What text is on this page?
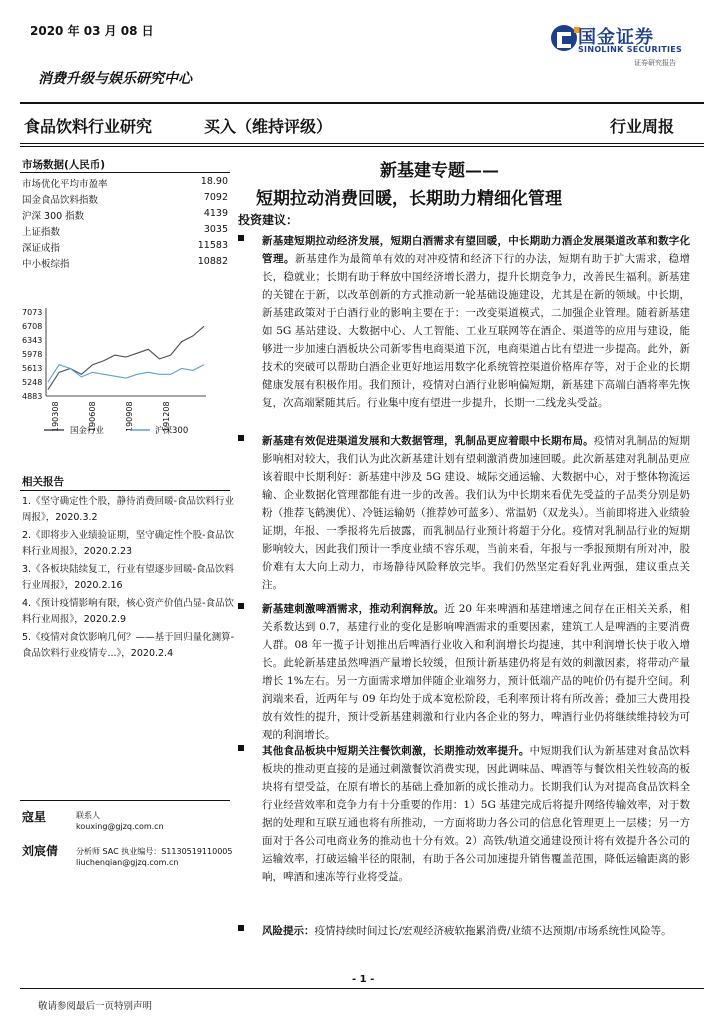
2020 年 03 月 08 日
消费升级与娱乐研究中心
国金证券
SINOLINK SECURITIES
证券研究报告
食品饮料行业研究	买入（维持评级）	行业周报
市场数据(人民币)
市场优化平均市盈率	18.90
国金食品饮料指数	7092
沪深 300 指数	4139
上证指数	3035
深证成指	11583
中小板综指	10882
7073
6708
6343
5978
5613
5248
4883
190308	190608	190908	191208
国金行业	沪深300
相关报告
1.《坚守确定性个股，静待消费回暖-食品饮料行业周报》，2020.3.2
2.《即将步入业绩验证期，坚守确定性个股-食品饮料行业周报》，2020.2.23
3.《各板块陆续复工，行业有望逐步回暖-食品饮料行业周报》，2020.2.16
4.《预计疫情影响有限，核心资产价值凸显-食品饮料行业周报》，2020.2.9
5.《疫情对食饮影响几何？——基于回归量化测算-食品饮料行业疫情专...》，2020.2.4
寇星	联系人
kouxing@gjzq.com.cn
刘宸倩 分析师 SAC 执业编号：S1130519110005
liuchenqian@gjzq.com.cn
新基建专题——
短期拉动消费回暖，长期助力精细化管理
投资建议：
新基建短期拉动经济发展，短期白酒需求有望回暖，中长期助力酒企发展渠道改革和数字化管理。新基建作为最简单有效的对冲疫情和经济下行的办法，短期有助于扩大需求，稳增长，稳就业；长期有助于释放中国经济增长潜力，提升长期竞争力，改善民生福利。新基建的关键在于新，以改革创新的方式推动新一轮基础设施建设，尤其是在新的领域。中长期，新基建政策对于白酒行业的影响主要在于：一改变渠道模式，二加强企业管理。随着新基建如 5G 基站建设、大数据中心、人工智能、工业互联网等在酒企、渠道等的应用与建设，能够进一步加速白酒板块公司新零售电商渠道下沉，电商渠道占比有望进一步提高。此外，新技术的突破可以帮助白酒企业更好地运用数字化系统管控渠道价格库存等，对于企业的长期健康发展有积极作用。我们预计，疫情对白酒行业影响偏短期，新基建下高端白酒将率先恢复，次高端紧随其后。行业集中度有望进一步提升，长期一二线龙头受益。
新基建有效促进渠道发展和大数据管理，乳制品更应着眼中长期布局。疫情对乳制品的短期影响相对较大，我们认为此次新基建计划有望刺激消费加速回暖。此次新基建对乳制品更应该着眼中长期利好：新基建中涉及 5G 建设、城际交通运输、大数据中心，对于整体物流运输、企业数据化管理都能有进一步的改善。我们认为中长期来看优先受益的子品类分别是奶粉（推荐飞鹤澳优）、冷链运输奶（推荐妙可蓝多）、常温奶（双龙头）。当前即将进入业绩验证期，年报、一季报将先后披露，而乳制品行业预计将超于分化。疫情对乳制品行业的短期影响较大，因此我们预计一季度业绩不容乐观，当前来看，年报与一季报预期有所对冲，股价难有太大向上动力，市场静待风险释放完毕。我们仍然坚定看好乳业两强，建议重点关注。
新基建刺激啤酒需求，推动利润释放。近 20 年来啤酒和基建增速之间存在正相关关系，相关系数达到 0.7，基建行业的变化是影响啤酒需求的重要因素，建筑工人是啤酒的主要消费人群。08 年一揽子计划推出后啤酒行业收入和利润增长均提速，其中利润增长快于收入增长。此轮新基建虽然啤酒产量增长较缓，但预计新基建仍将是有效的刺激因素，将带动产量增长 1%左右。另一方面需求增加伴随企业端努力，预计低端产品的吨价仍有提升空间。利润端来看，近两年与 09 年均处于成本宽松阶段，毛利率预计将有所改善；叠加三大费用投放有效性的提升，预计受新基建刺激和行业内各企业的努力，啤酒行业仍将继续维持较为可观的利润增长。
其他食品板块中短期关注餐饮刺激，长期推动效率提升。中短期我们认为新基建对食品饮料板块的推动更直接的是通过刺激餐饮消费实现，因此调味品、啤酒等与餐饮相关性较高的板块将有望受益，在原有增长的基础上叠加新的成长推动力。长期我们认为对提高食品饮料全行业经营效率和竞争力有十分重要的作用：1）5G 基建完成后将提升网络传输效率，对于数据的处理和互联互通也将有所推动，一方面将助力各公司的信息化管理更上一层楼；另一方面对于各公司电商业务的推动也十分有效。2）高铁/轨道交通建设预计将有效提升各公司的运输效率，打破运输半径的限制，有助于各公司加速提升销售覆盖范围，降低运输距离的影响，啤酒和速冻等行业将受益。
风险提示：疫情持续时间过长/宏观经济疲软拖累消费/业绩不达预期/市场系统性风险等。
- 1 -
敬请参阅最后一页特别声明
